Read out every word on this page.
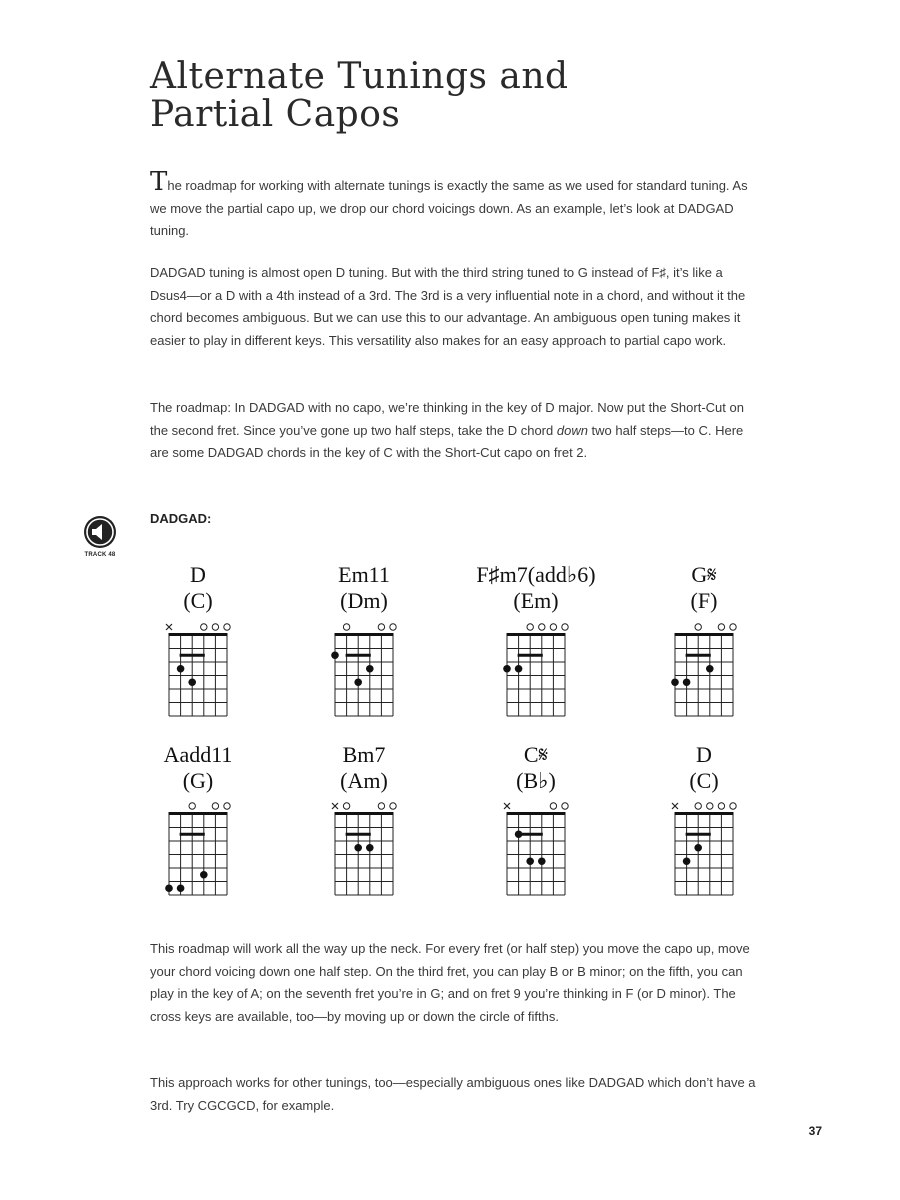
Alternate Tunings and
Partial Capos

The roadmap for working with alternate tunings is exactly the same as we used for standard tuning. As we move the partial capo up, we drop our chord voicings down. As an example, let’s look at DADGAD tuning.

DADGAD tuning is almost open D tuning. But with the third string tuned to G instead of F♯, it’s like a Dsus4—or a D with a 4th instead of a 3rd. The 3rd is a very influential note in a chord, and without it the chord becomes ambiguous. But we can use this to our advantage. An ambiguous open tuning makes it easier to play in different keys. This versatility also makes for an easy approach to partial capo work.

The roadmap: In DADGAD with no capo, we’re thinking in the key of D major. Now put the Short-Cut on the second fret. Since you’ve gone up two half steps, take the D chord down two half steps—to C. Here are some DADGAD chords in the key of C with the Short-Cut capo on fret 2.

DADGAD:
TRACK 48
D
(C)
Em11
(Dm)
F♯m7(add♭6)
(Em)
G𝄋
(F)
Aadd11
(G)
Bm7
(Am)
C𝄋
(B♭)
D
(C)

This roadmap will work all the way up the neck. For every fret (or half step) you move the capo up, move your chord voicing down one half step. On the third fret, you can play B or B minor; on the fifth, you can play in the key of A; on the seventh fret you’re in G; and on fret 9 you’re thinking in F (or D minor). The cross keys are available, too—by moving up or down the circle of fifths.

This approach works for other tunings, too—especially ambiguous ones like DADGAD which don’t have a 3rd. Try CGCGCD, for example.

37
